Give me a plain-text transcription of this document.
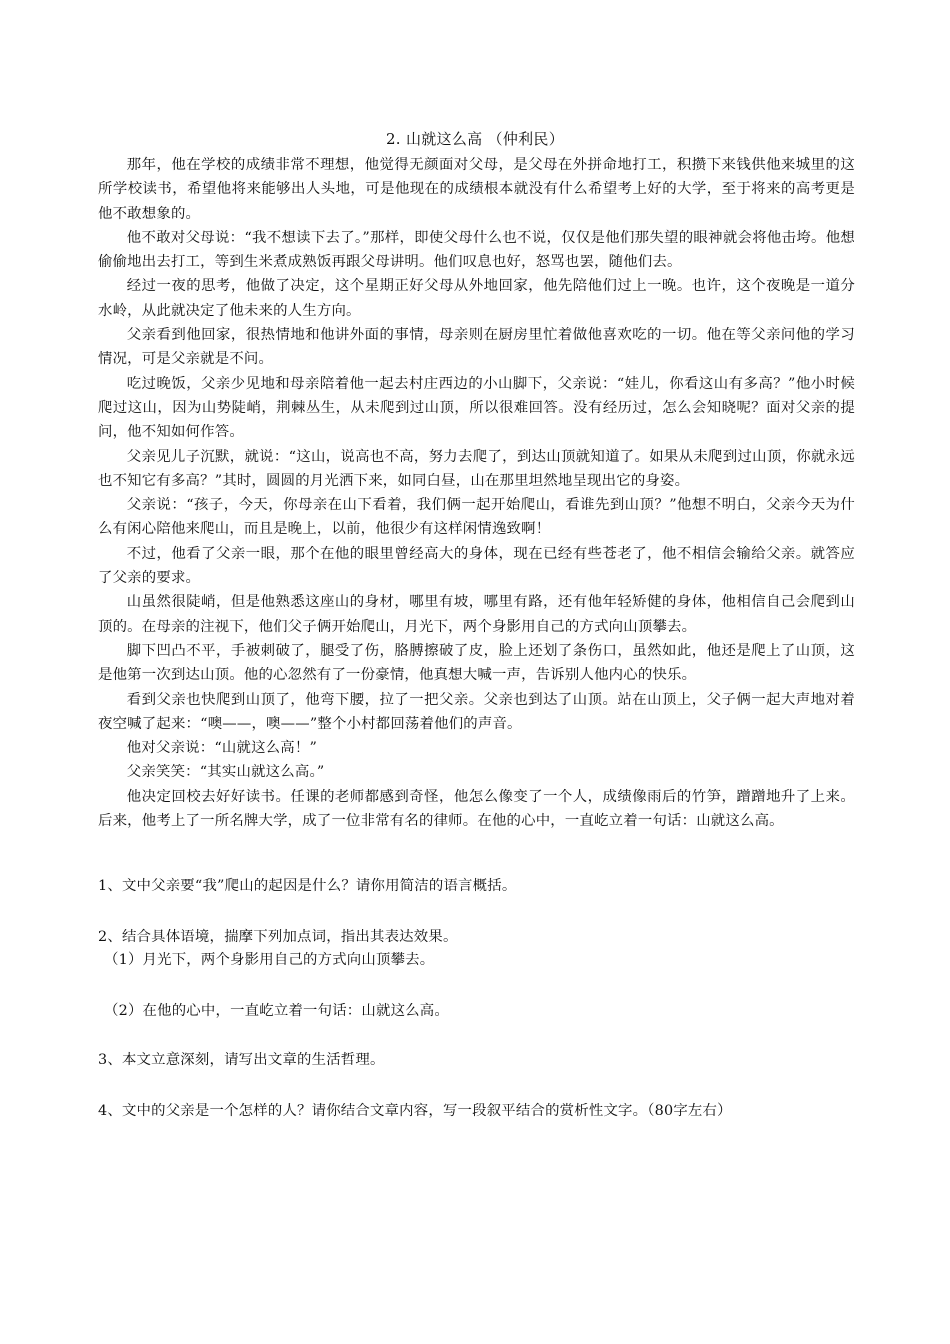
2. 山就这么高 （仲利民）

那年，他在学校的成绩非常不理想，他觉得无颜面对父母，是父母在外拼命地打工，积攒下来钱供他来城里的这所学校读书，希望他将来能够出人头地，可是他现在的成绩根本就没有什么希望考上好的大学，至于将来的高考更是他不敢想象的。

他不敢对父母说：“我不想读下去了。”那样，即使父母什么也不说，仅仅是他们那失望的眼神就会将他击垮。他想偷偷地出去打工，等到生米煮成熟饭再跟父母讲明。他们叹息也好，怒骂也罢，随他们去。

经过一夜的思考，他做了决定，这个星期正好父母从外地回家，他先陪他们过上一晚。也许，这个夜晚是一道分水岭，从此就决定了他未来的人生方向。

父亲看到他回家，很热情地和他讲外面的事情，母亲则在厨房里忙着做他喜欢吃的一切。他在等父亲问他的学习情况，可是父亲就是不问。

吃过晚饭，父亲少见地和母亲陪着他一起去村庄西边的小山脚下，父亲说：“娃儿，你看这山有多高？”他小时候爬过这山，因为山势陡峭，荆棘丛生，从未爬到过山顶，所以很难回答。没有经历过，怎么会知晓呢？面对父亲的提问，他不知如何作答。

父亲见儿子沉默，就说：“这山，说高也不高，努力去爬了，到达山顶就知道了。如果从未爬到过山顶，你就永远也不知它有多高？”其时，圆圆的月光洒下来，如同白昼，山在那里坦然地呈现出它的身姿。

父亲说：“孩子，今天，你母亲在山下看着，我们俩一起开始爬山，看谁先到山顶？”他想不明白，父亲今天为什么有闲心陪他来爬山，而且是晚上，以前，他很少有这样闲情逸致啊！

不过，他看了父亲一眼，那个在他的眼里曾经高大的身体，现在已经有些苍老了，他不相信会输给父亲。就答应了父亲的要求。

山虽然很陡峭，但是他熟悉这座山的身材，哪里有坡，哪里有路，还有他年轻矫健的身体，他相信自己会爬到山顶的。在母亲的注视下，他们父子俩开始爬山，月光下，两个身影用自己的方式向山顶攀去。

脚下凹凸不平，手被刺破了，腿受了伤，胳膊擦破了皮，脸上还划了条伤口，虽然如此，他还是爬上了山顶，这是他第一次到达山顶。他的心忽然有了一份豪情，他真想大喊一声，告诉别人他内心的快乐。

看到父亲也快爬到山顶了，他弯下腰，拉了一把父亲。父亲也到达了山顶。站在山顶上，父子俩一起大声地对着夜空喊了起来：“噢——，噢——”整个小村都回荡着他们的声音。

他对父亲说：“山就这么高！”

父亲笑笑：“其实山就这么高。”

他决定回校去好好读书。任课的老师都感到奇怪，他怎么像变了一个人，成绩像雨后的竹笋，蹭蹭地升了上来。后来，他考上了一所名牌大学，成了一位非常有名的律师。在他的心中，一直屹立着一句话：山就这么高。

1、文中父亲要“我”爬山的起因是什么？请你用简洁的语言概括。
2、结合具体语境，揣摩下列加点词，指出其表达效果。
（1）月光下，两个身影用自己的方式向山顶攀去。
（2）在他的心中，一直屹立着一句话：山就这么高。
3、本文立意深刻，请写出文章的生活哲理。
4、文中的父亲是一个怎样的人？请你结合文章内容，写一段叙平结合的赏析性文字。（80字左右）
